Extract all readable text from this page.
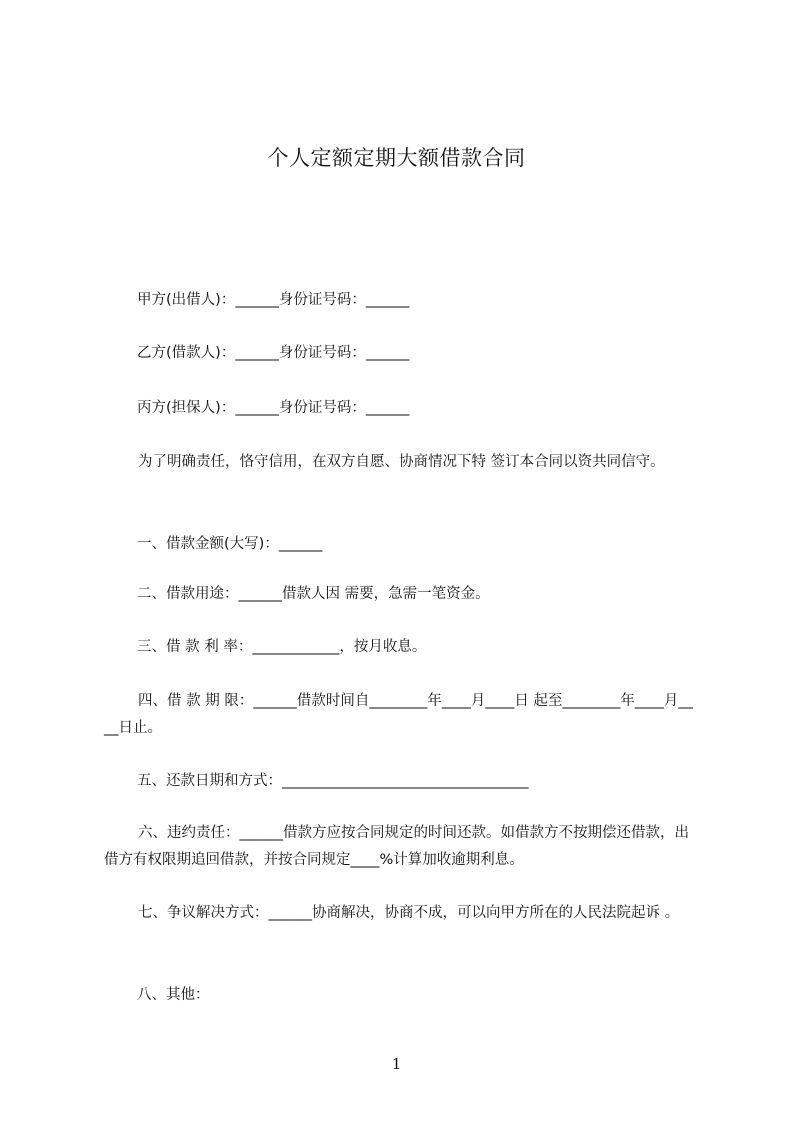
个人定额定期大额借款合同
甲方(出借人)：______身份证号码：______
乙方(借款人)：______身份证号码：______
丙方(担保人)：______身份证号码：______
为了明确责任，恪守信用，在双方自愿、协商情况下特 签订本合同以资共同信守。
一、借款金额(大写)：______
二、借款用途：______借款人因 需要，急需一笔资金。
三、借 款 利 率：____________，按月收息。
四、借 款 期 限：______借款时间自________年____月____日 起至________年____月____日止。
五、还款日期和方式：__________________________________
六、违约责任：______借款方应按合同规定的时间还款。如借款方不按期偿还借款，出借方有权限期追回借款，并按合同规定____%计算加收逾期利息。
七、争议解决方式：______协商解决，协商不成，可以向甲方所在的人民法院起诉 。
八、其他：
1
